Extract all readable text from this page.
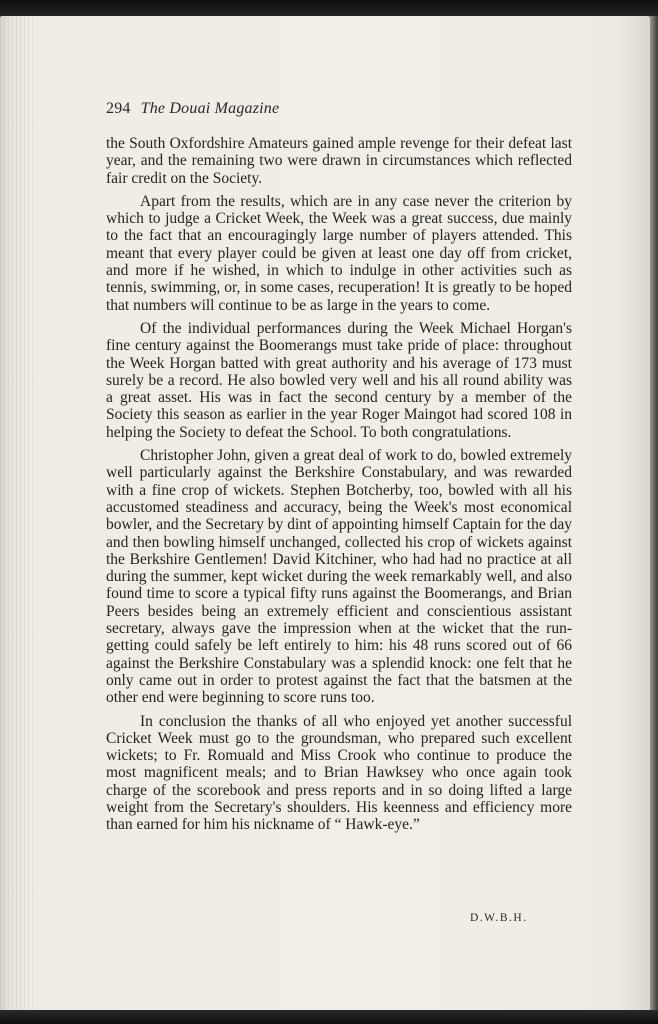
294 The Douai Magazine

the South Oxfordshire Amateurs gained ample revenge for their defeat last year, and the remaining two were drawn in circumstances which reflected fair credit on the Society.

Apart from the results, which are in any case never the criterion by which to judge a Cricket Week, the Week was a great success, due mainly to the fact that an encouragingly large number of players attended. This meant that every player could be given at least one day off from cricket, and more if he wished, in which to indulge in other activities such as tennis, swimming, or, in some cases, recuperation! It is greatly to be hoped that numbers will continue to be as large in the years to come.

Of the individual performances during the Week Michael Horgan's fine century against the Boomerangs must take pride of place: throughout the Week Horgan batted with great authority and his average of 173 must surely be a record. He also bowled very well and his all round ability was a great asset. His was in fact the second century by a member of the Society this season as earlier in the year Roger Maingot had scored 108 in helping the Society to defeat the School. To both congratulations.

Christopher John, given a great deal of work to do, bowled extremely well particularly against the Berkshire Constabulary, and was rewarded with a fine crop of wickets. Stephen Botcherby, too, bowled with all his accustomed steadiness and accuracy, being the Week's most economical bowler, and the Secretary by dint of appointing himself Captain for the day and then bowling himself unchanged, collected his crop of wickets against the Berkshire Gentlemen! David Kitchiner, who had had no practice at all during the summer, kept wicket during the week remarkably well, and also found time to score a typical fifty runs against the Boomerangs, and Brian Peers besides being an extremely efficient and conscientious assistant secretary, always gave the impression when at the wicket that the run-getting could safely be left entirely to him: his 48 runs scored out of 66 against the Berkshire Constabulary was a splendid knock: one felt that he only came out in order to protest against the fact that the batsmen at the other end were beginning to score runs too.

In conclusion the thanks of all who enjoyed yet another successful Cricket Week must go to the groundsman, who prepared such excellent wickets; to Fr. Romuald and Miss Crook who continue to produce the most magnificent meals; and to Brian Hawksey who once again took charge of the scorebook and press reports and in so doing lifted a large weight from the Secretary's shoulders. His keenness and efficiency more than earned for him his nickname of “ Hawk-eye.”

D.W.B.H.
